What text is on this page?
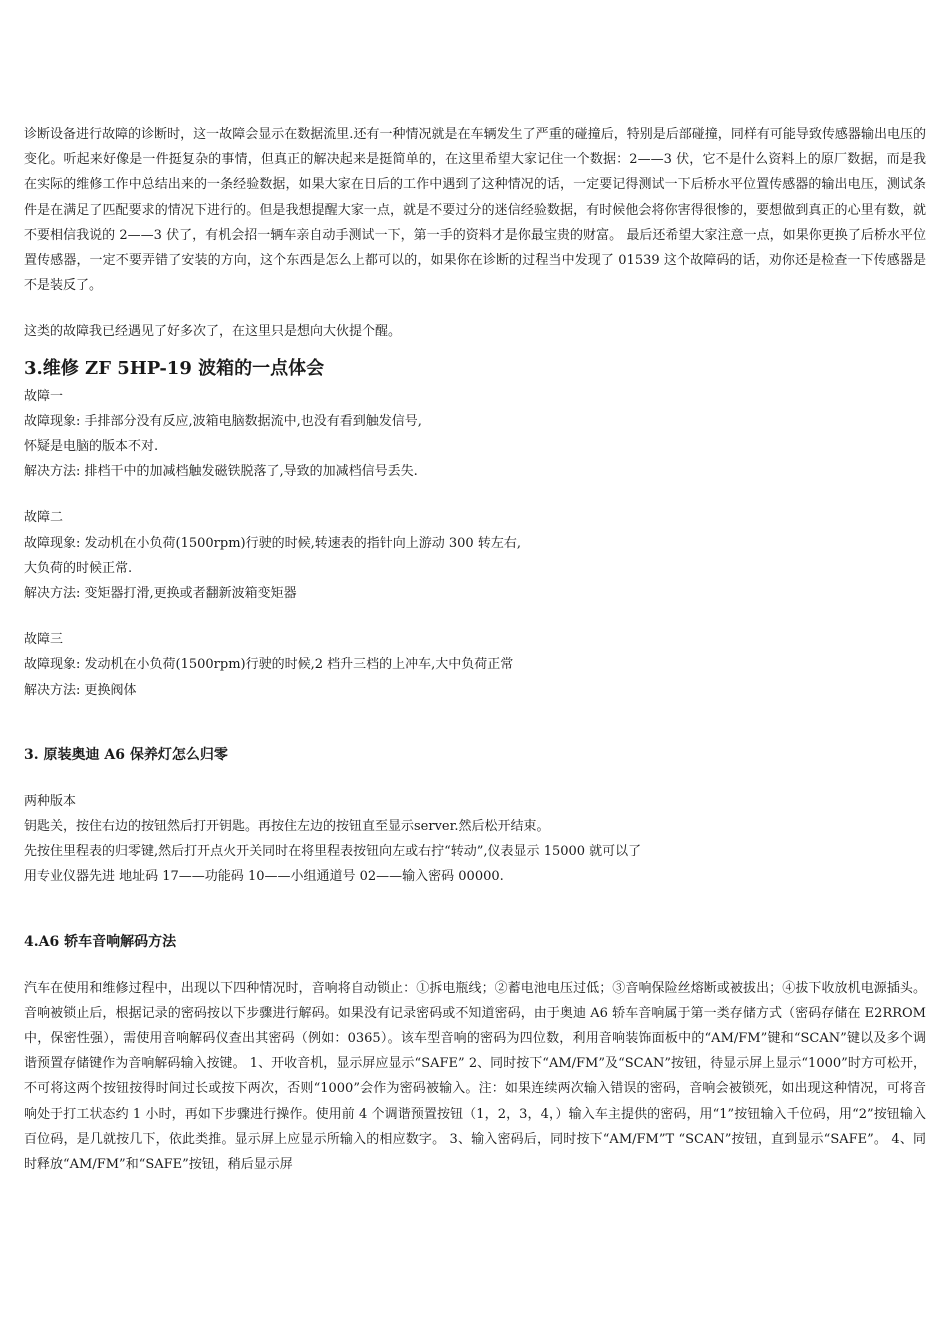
诊断设备进行故障的诊断时，这一故障会显示在数据流里.还有一种情况就是在车辆发生了严重的碰撞后，特别是后部碰撞，同样有可能导致传感器输出电压的变化。听起来好像是一件挺复杂的事情，但真正的解决起来是挺简单的，在这里希望大家记住一个数据：2——3 伏，它不是什么资料上的原厂数据，而是我在实际的维修工作中总结出来的一条经验数据，如果大家在日后的工作中遇到了这种情况的话，一定要记得测试一下后桥水平位置传感器的输出电压，测试条件是在满足了匹配要求的情况下进行的。但是我想提醒大家一点，就是不要过分的迷信经验数据，有时候他会将你害得很惨的，要想做到真正的心里有数，就不要相信我说的 2——3 伏了，有机会招一辆车亲自动手测试一下，第一手的资料才是你最宝贵的财富。 最后还希望大家注意一点，如果你更换了后桥水平位置传感器，一定不要弄错了安装的方向，这个东西是怎么上都可以的，如果你在诊断的过程当中发现了 01539 这个故障码的话，劝你还是检查一下传感器是不是装反了。

这类的故障我已经遇见了好多次了，在这里只是想向大伙提个醒。

3.维修 ZF 5HP-19 波箱的一点体会

故障一

故障现象: 手排部分没有反应,波箱电脑数据流中,也没有看到触发信号,

怀疑是电脑的版本不对.

解决方法: 排档干中的加减档触发磁铁脱落了,导致的加减档信号丢失.

故障二

故障现象: 发动机在小负荷(1500rpm)行驶的时候,转速表的指针向上游动 300 转左右,

大负荷的时候正常.

解决方法: 变矩器打滑,更换或者翻新波箱变矩器

故障三

故障现象: 发动机在小负荷(1500rpm)行驶的时候,2 档升三档的上冲车,大中负荷正常

解决方法: 更换阀体

3. 原装奥迪 A6 保养灯怎么归零

两种版本

钥匙关，按住右边的按钮然后打开钥匙。再按住左边的按钮直至显示server.然后松开结束。

先按住里程表的归零键,然后打开点火开关同时在将里程表按钮向左或右拧“转动”,仪表显示 15000 就可以了

用专业仪器先进 地址码 17——功能码 10——小组通道号 02——输入密码 00000.

4.A6 轿车音响解码方法

汽车在使用和维修过程中，出现以下四种情况时，音响将自动锁止：①拆电瓶线；②蓄电池电压过低；③音响保险丝熔断或被拔出；④拔下收放机电源插头。音响被锁止后，根据记录的密码按以下步骤进行解码。如果没有记录密码或不知道密码，由于奥迪 A6 轿车音响属于第一类存储方式（密码存储在 E2RROM 中，保密性强），需使用音响解码仪查出其密码（例如：0365）。该车型音响的密码为四位数，利用音响装饰面板中的“AM/FM”键和“SCAN”键以及多个调谐预置存储键作为音响解码输入按键。 1、开收音机，显示屏应显示“SAFE” 2、同时按下“AM/FM”及“SCAN”按钮，待显示屏上显示“1000”时方可松开，不可将这两个按钮按得时间过长或按下两次，否则“1000”会作为密码被输入。注：如果连续两次输入错误的密码，音响会被锁死，如出现这种情况，可将音响处于打工状态约 1 小时，再如下步骤进行操作。使用前 4 个调谐预置按钮（1，2，3，4，）输入车主提供的密码，用“1”按钮输入千位码，用“2”按钮输入百位码，是几就按几下，依此类推。显示屏上应显示所输入的相应数字。 3、输入密码后，同时按下“AM/FM”T “SCAN”按钮，直到显示“SAFE”。 4、同时释放“AM/FM”和“SAFE”按钮，稍后显示屏
